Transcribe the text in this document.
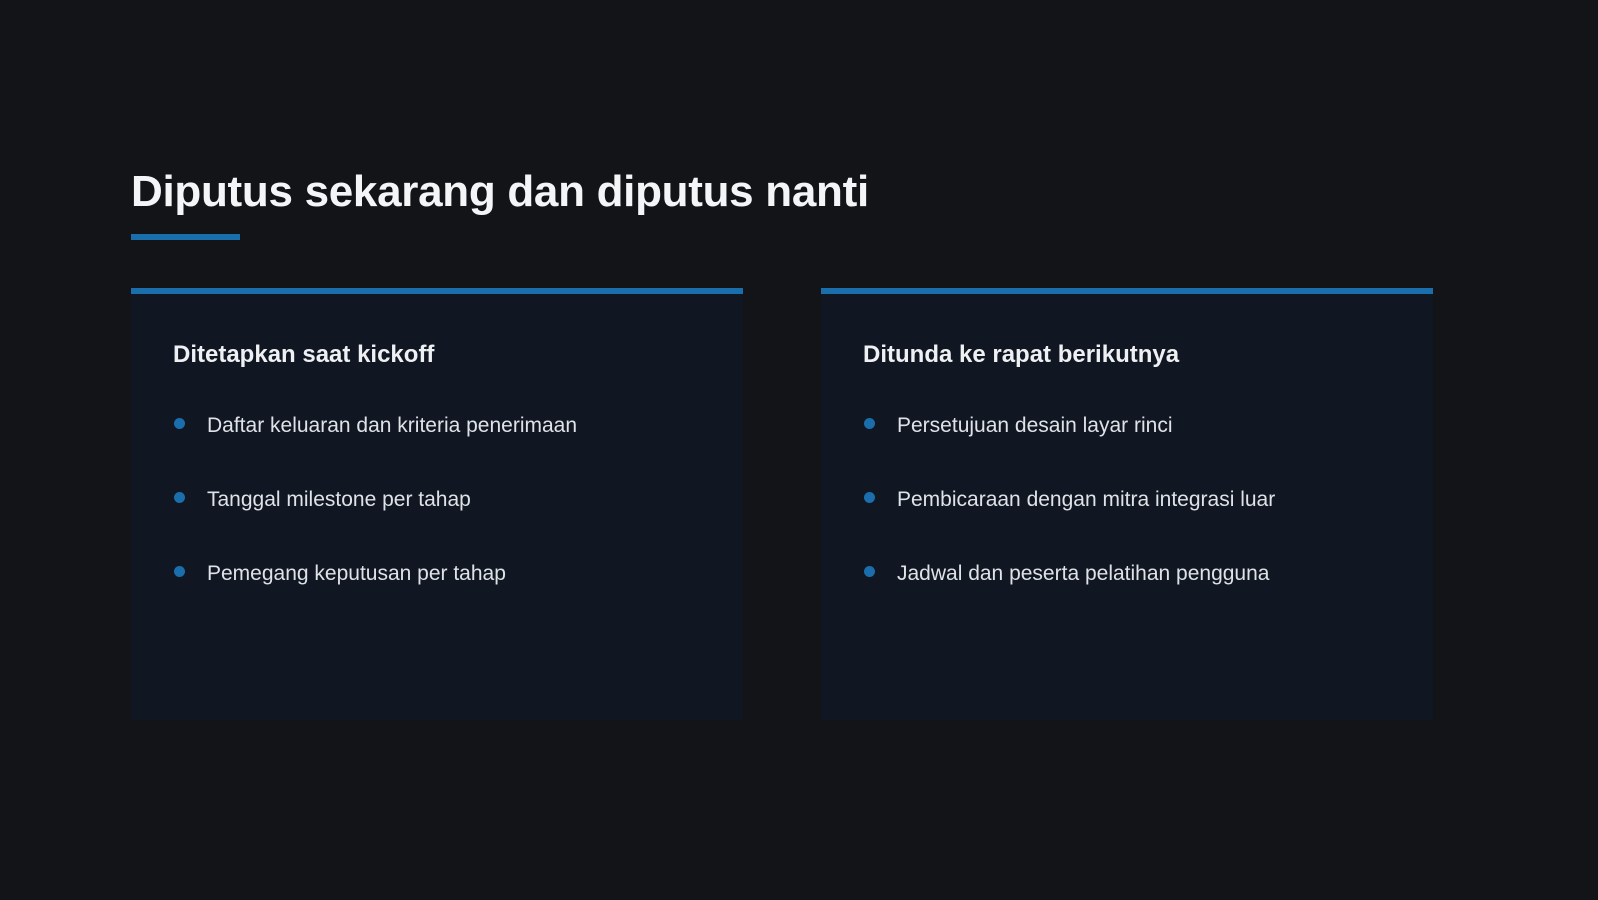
Diputus sekarang dan diputus nanti
Ditetapkan saat kickoff
Daftar keluaran dan kriteria penerimaan
Tanggal milestone per tahap
Pemegang keputusan per tahap
Ditunda ke rapat berikutnya
Persetujuan desain layar rinci
Pembicaraan dengan mitra integrasi luar
Jadwal dan peserta pelatihan pengguna
